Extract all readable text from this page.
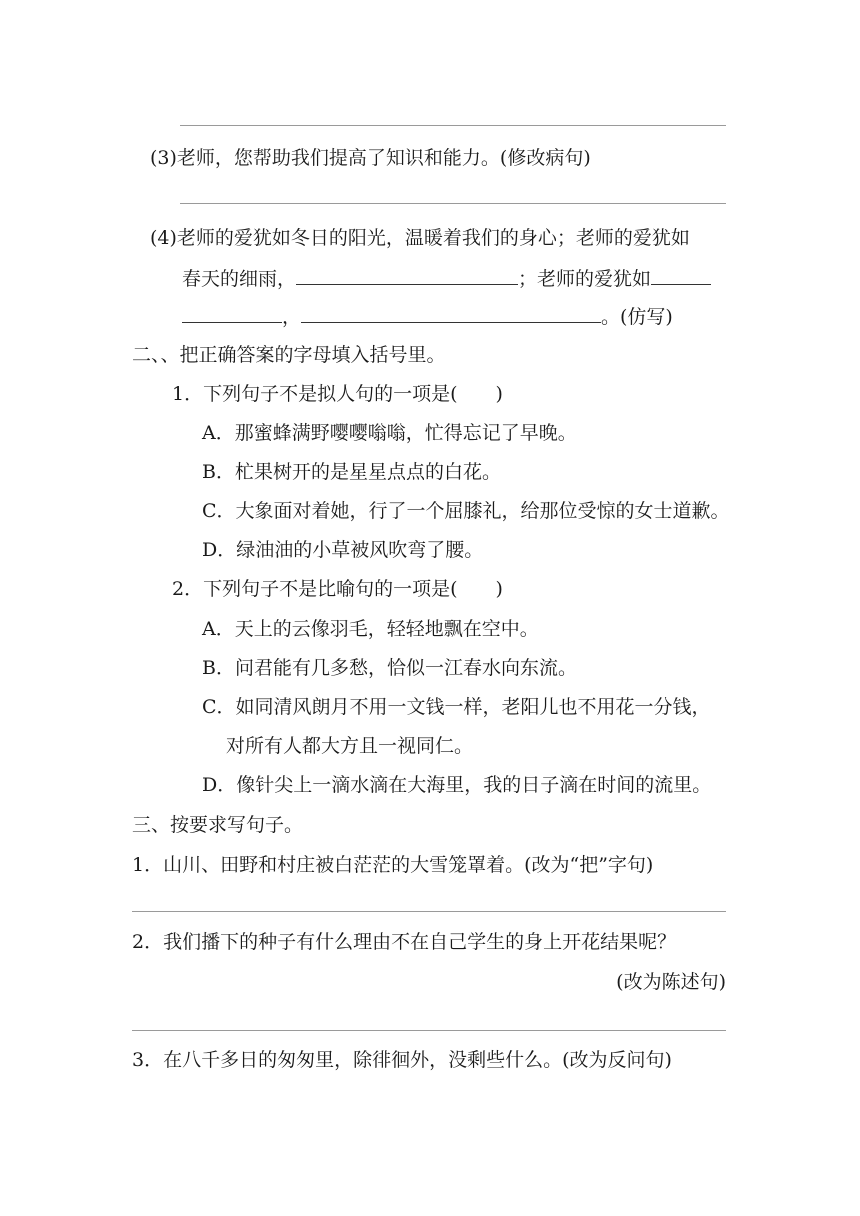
(3)老师，您帮助我们提高了知识和能力。(修改病句)
(4)老师的爱犹如冬日的阳光，温暖着我们的身心；老师的爱犹如
春天的细雨，	；老师的爱犹如
，	。(仿写)
二、、把正确答案的字母填入括号里。
1．下列句子不是拟人句的一项是(　　)
A．那蜜蜂满野嘤嘤嗡嗡，忙得忘记了早晚。
B．杧果树开的是星星点点的白花。
C．大象面对着她，行了一个屈膝礼，给那位受惊的女士道歉。
D．绿油油的小草被风吹弯了腰。
2．下列句子不是比喻句的一项是(　　)
A．天上的云像羽毛，轻轻地飘在空中。
B．问君能有几多愁，恰似一江春水向东流。
C．如同清风朗月不用一文钱一样，老阳儿也不用花一分钱，
对所有人都大方且一视同仁。
D．像针尖上一滴水滴在大海里，我的日子滴在时间的流里。
三、按要求写句子。
1．山川、田野和村庄被白茫茫的大雪笼罩着。(改为“把”字句)
2．我们播下的种子有什么理由不在自己学生的身上开花结果呢？
(改为陈述句)
3．在八千多日的匆匆里，除徘徊外，没剩些什么。(改为反问句)
